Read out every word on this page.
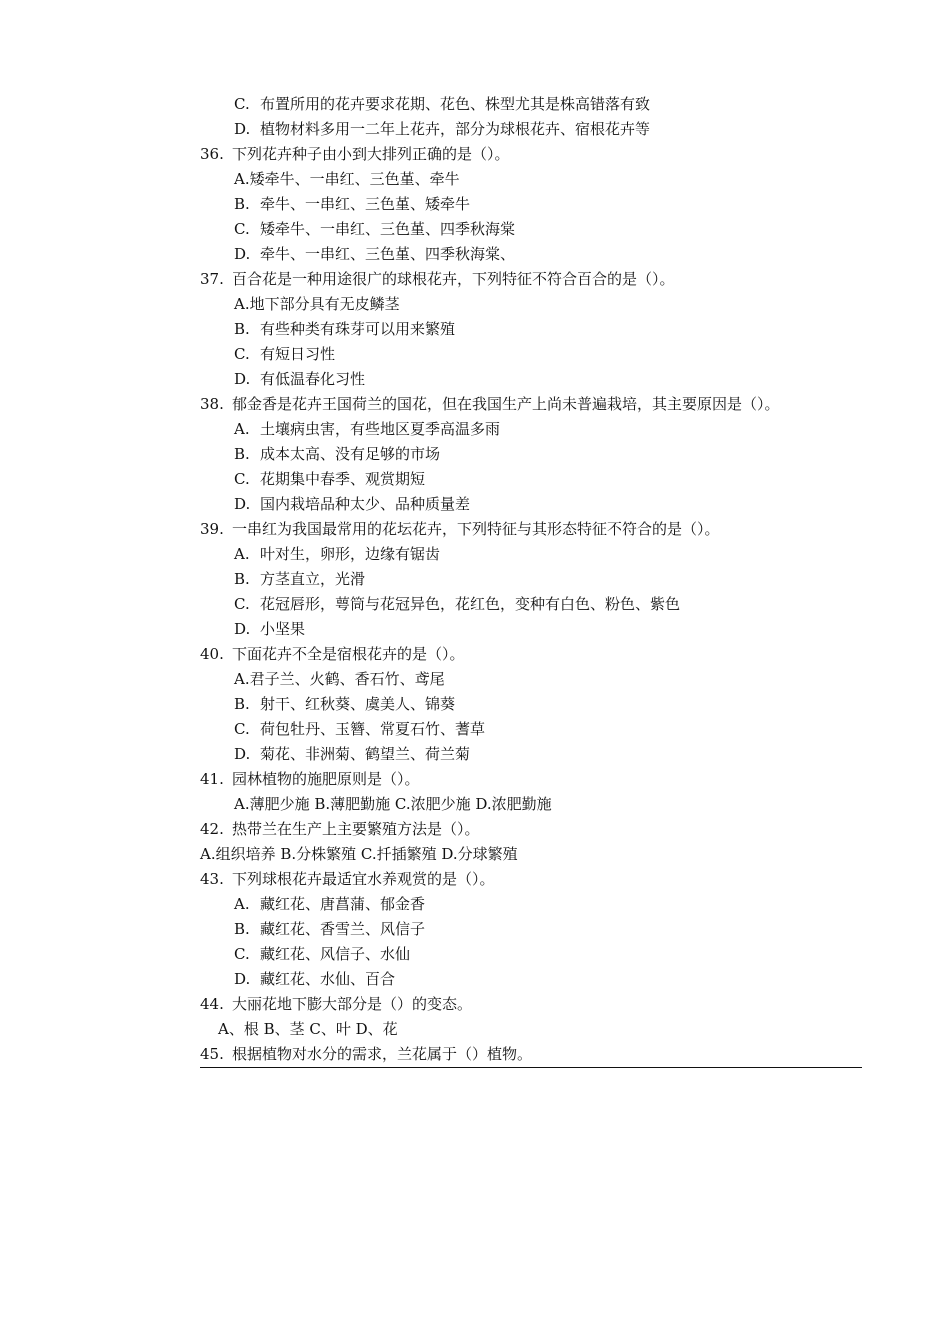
C. 布置所用的花卉要求花期、花色、株型尤其是株高错落有致
D. 植物材料多用一二年上花卉，部分为球根花卉、宿根花卉等
36. 下列花卉种子由小到大排列正确的是（）。
A.矮牵牛、一串红、三色堇、牵牛
B. 牵牛、一串红、三色堇、矮牵牛
C. 矮牵牛、一串红、三色堇、四季秋海棠
D. 牵牛、一串红、三色堇、四季秋海棠、
37. 百合花是一种用途很广的球根花卉，下列特征不符合百合的是（）。
A.地下部分具有无皮鳞茎
B. 有些种类有珠芽可以用来繁殖
C. 有短日习性
D. 有低温春化习性
38. 郁金香是花卉王国荷兰的国花，但在我国生产上尚未普遍栽培，其主要原因是（）。
A. 土壤病虫害，有些地区夏季高温多雨
B. 成本太高、没有足够的市场
C. 花期集中春季、观赏期短
D. 国内栽培品种太少、品种质量差
39. 一串红为我国最常用的花坛花卉，下列特征与其形态特征不符合的是（）。
A. 叶对生，卵形，边缘有锯齿
B. 方茎直立，光滑
C. 花冠唇形，萼筒与花冠异色，花红色，变种有白色、粉色、紫色
D. 小坚果
40. 下面花卉不全是宿根花卉的是（）。
A.君子兰、火鹤、香石竹、鸢尾
B. 射干、红秋葵、虞美人、锦葵
C. 荷包牡丹、玉簪、常夏石竹、蓍草
D. 菊花、非洲菊、鹤望兰、荷兰菊
41. 园林植物的施肥原则是（）。
A.薄肥少施 B.薄肥勤施 C.浓肥少施 D.浓肥勤施
42. 热带兰在生产上主要繁殖方法是（）。
A.组织培养 B.分株繁殖 C.扦插繁殖 D.分球繁殖
43. 下列球根花卉最适宜水养观赏的是（）。
A. 藏红花、唐菖蒲、郁金香
B. 藏红花、香雪兰、风信子
C. 藏红花、风信子、水仙
D. 藏红花、水仙、百合
44. 大丽花地下膨大部分是（）的变态。
A、根 B、茎 C、叶 D、花
45. 根据植物对水分的需求，兰花属于（）植物。
